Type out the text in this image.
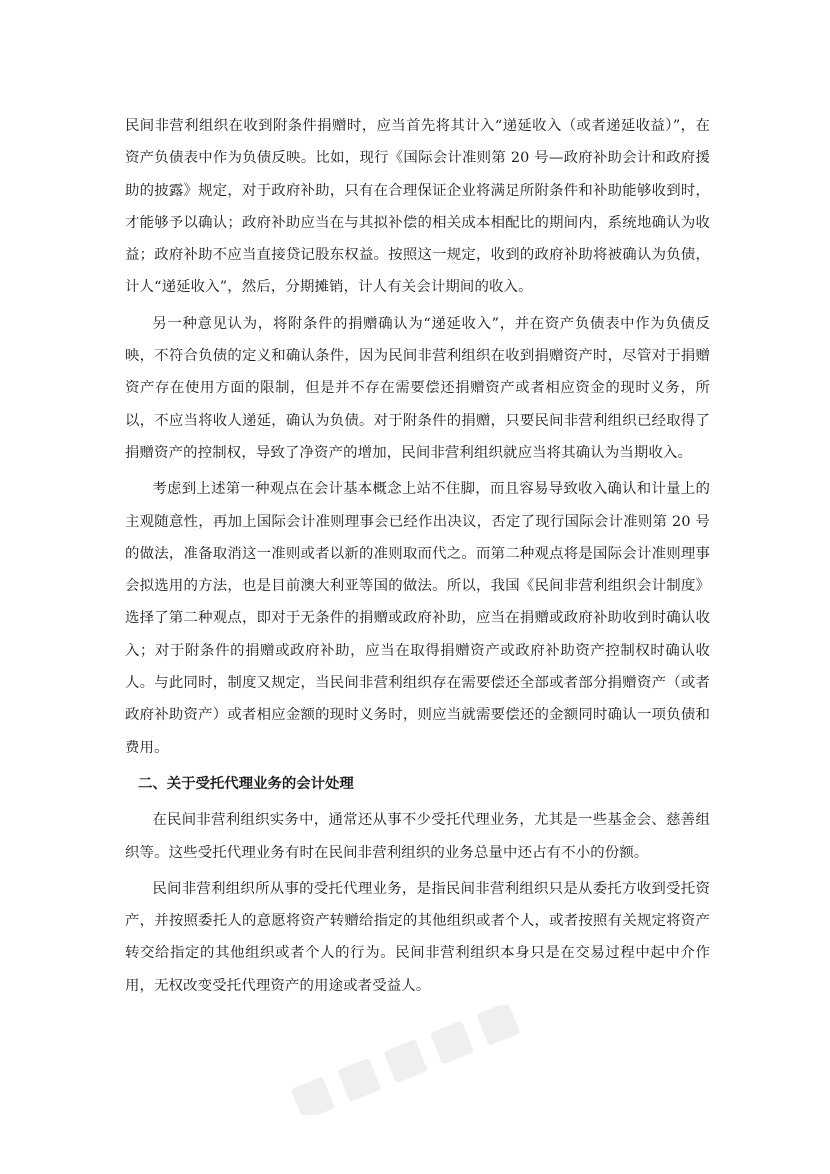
民间非营利组织在收到附条件捐赠时，应当首先将其计入“递延收入（或者递延收益）”，在资产负债表中作为负债反映。比如，现行《国际会计准则第 20 号—政府补助会计和政府援助的披露》规定，对于政府补助，只有在合理保证企业将满足所附条件和补助能够收到时，才能够予以确认；政府补助应当在与其拟补偿的相关成本相配比的期间内，系统地确认为收益；政府补助不应当直接贷记股东权益。按照这一规定，收到的政府补助将被确认为负债，计人“递延收入”，然后，分期摊销，计人有关会计期间的收入。

另一种意见认为，将附条件的捐赠确认为“递延收入”，并在资产负债表中作为负债反映，不符合负债的定义和确认条件，因为民间非营利组织在收到捐赠资产时，尽管对于捐赠资产存在使用方面的限制，但是并不存在需要偿还捐赠资产或者相应资金的现时义务，所以，不应当将收人递延，确认为负债。对于附条件的捐赠，只要民间非营利组织已经取得了捐赠资产的控制权，导致了净资产的增加，民间非营利组织就应当将其确认为当期收入。

考虑到上述第一种观点在会计基本概念上站不住脚，而且容易导致收入确认和计量上的主观随意性，再加上国际会计准则理事会已经作出决议，否定了现行国际会计准则第 20 号的做法，准备取消这一准则或者以新的准则取而代之。而第二种观点将是国际会计准则理事会拟选用的方法，也是目前澳大利亚等国的做法。所以，我国《民间非营利组织会计制度》选择了第二种观点，即对于无条件的捐赠或政府补助，应当在捐赠或政府补助收到时确认收入；对于附条件的捐赠或政府补助，应当在取得捐赠资产或政府补助资产控制权时确认收人。与此同时，制度又规定，当民间非营利组织存在需要偿还全部或者部分捐赠资产（或者政府补助资产）或者相应金额的现时义务时，则应当就需要偿还的金额同时确认一项负债和费用。

二、关于受托代理业务的会计处理

在民间非营利组织实务中，通常还从事不少受托代理业务，尤其是一些基金会、慈善组织等。这些受托代理业务有时在民间非营利组织的业务总量中还占有不小的份额。

民间非营利组织所从事的受托代理业务，是指民间非营利组织只是从委托方收到受托资产，并按照委托人的意愿将资产转赠给指定的其他组织或者个人，或者按照有关规定将资产转交给指定的其他组织或者个人的行为。民间非营利组织本身只是在交易过程中起中介作用，无权改变受托代理资产的用途或者受益人。
